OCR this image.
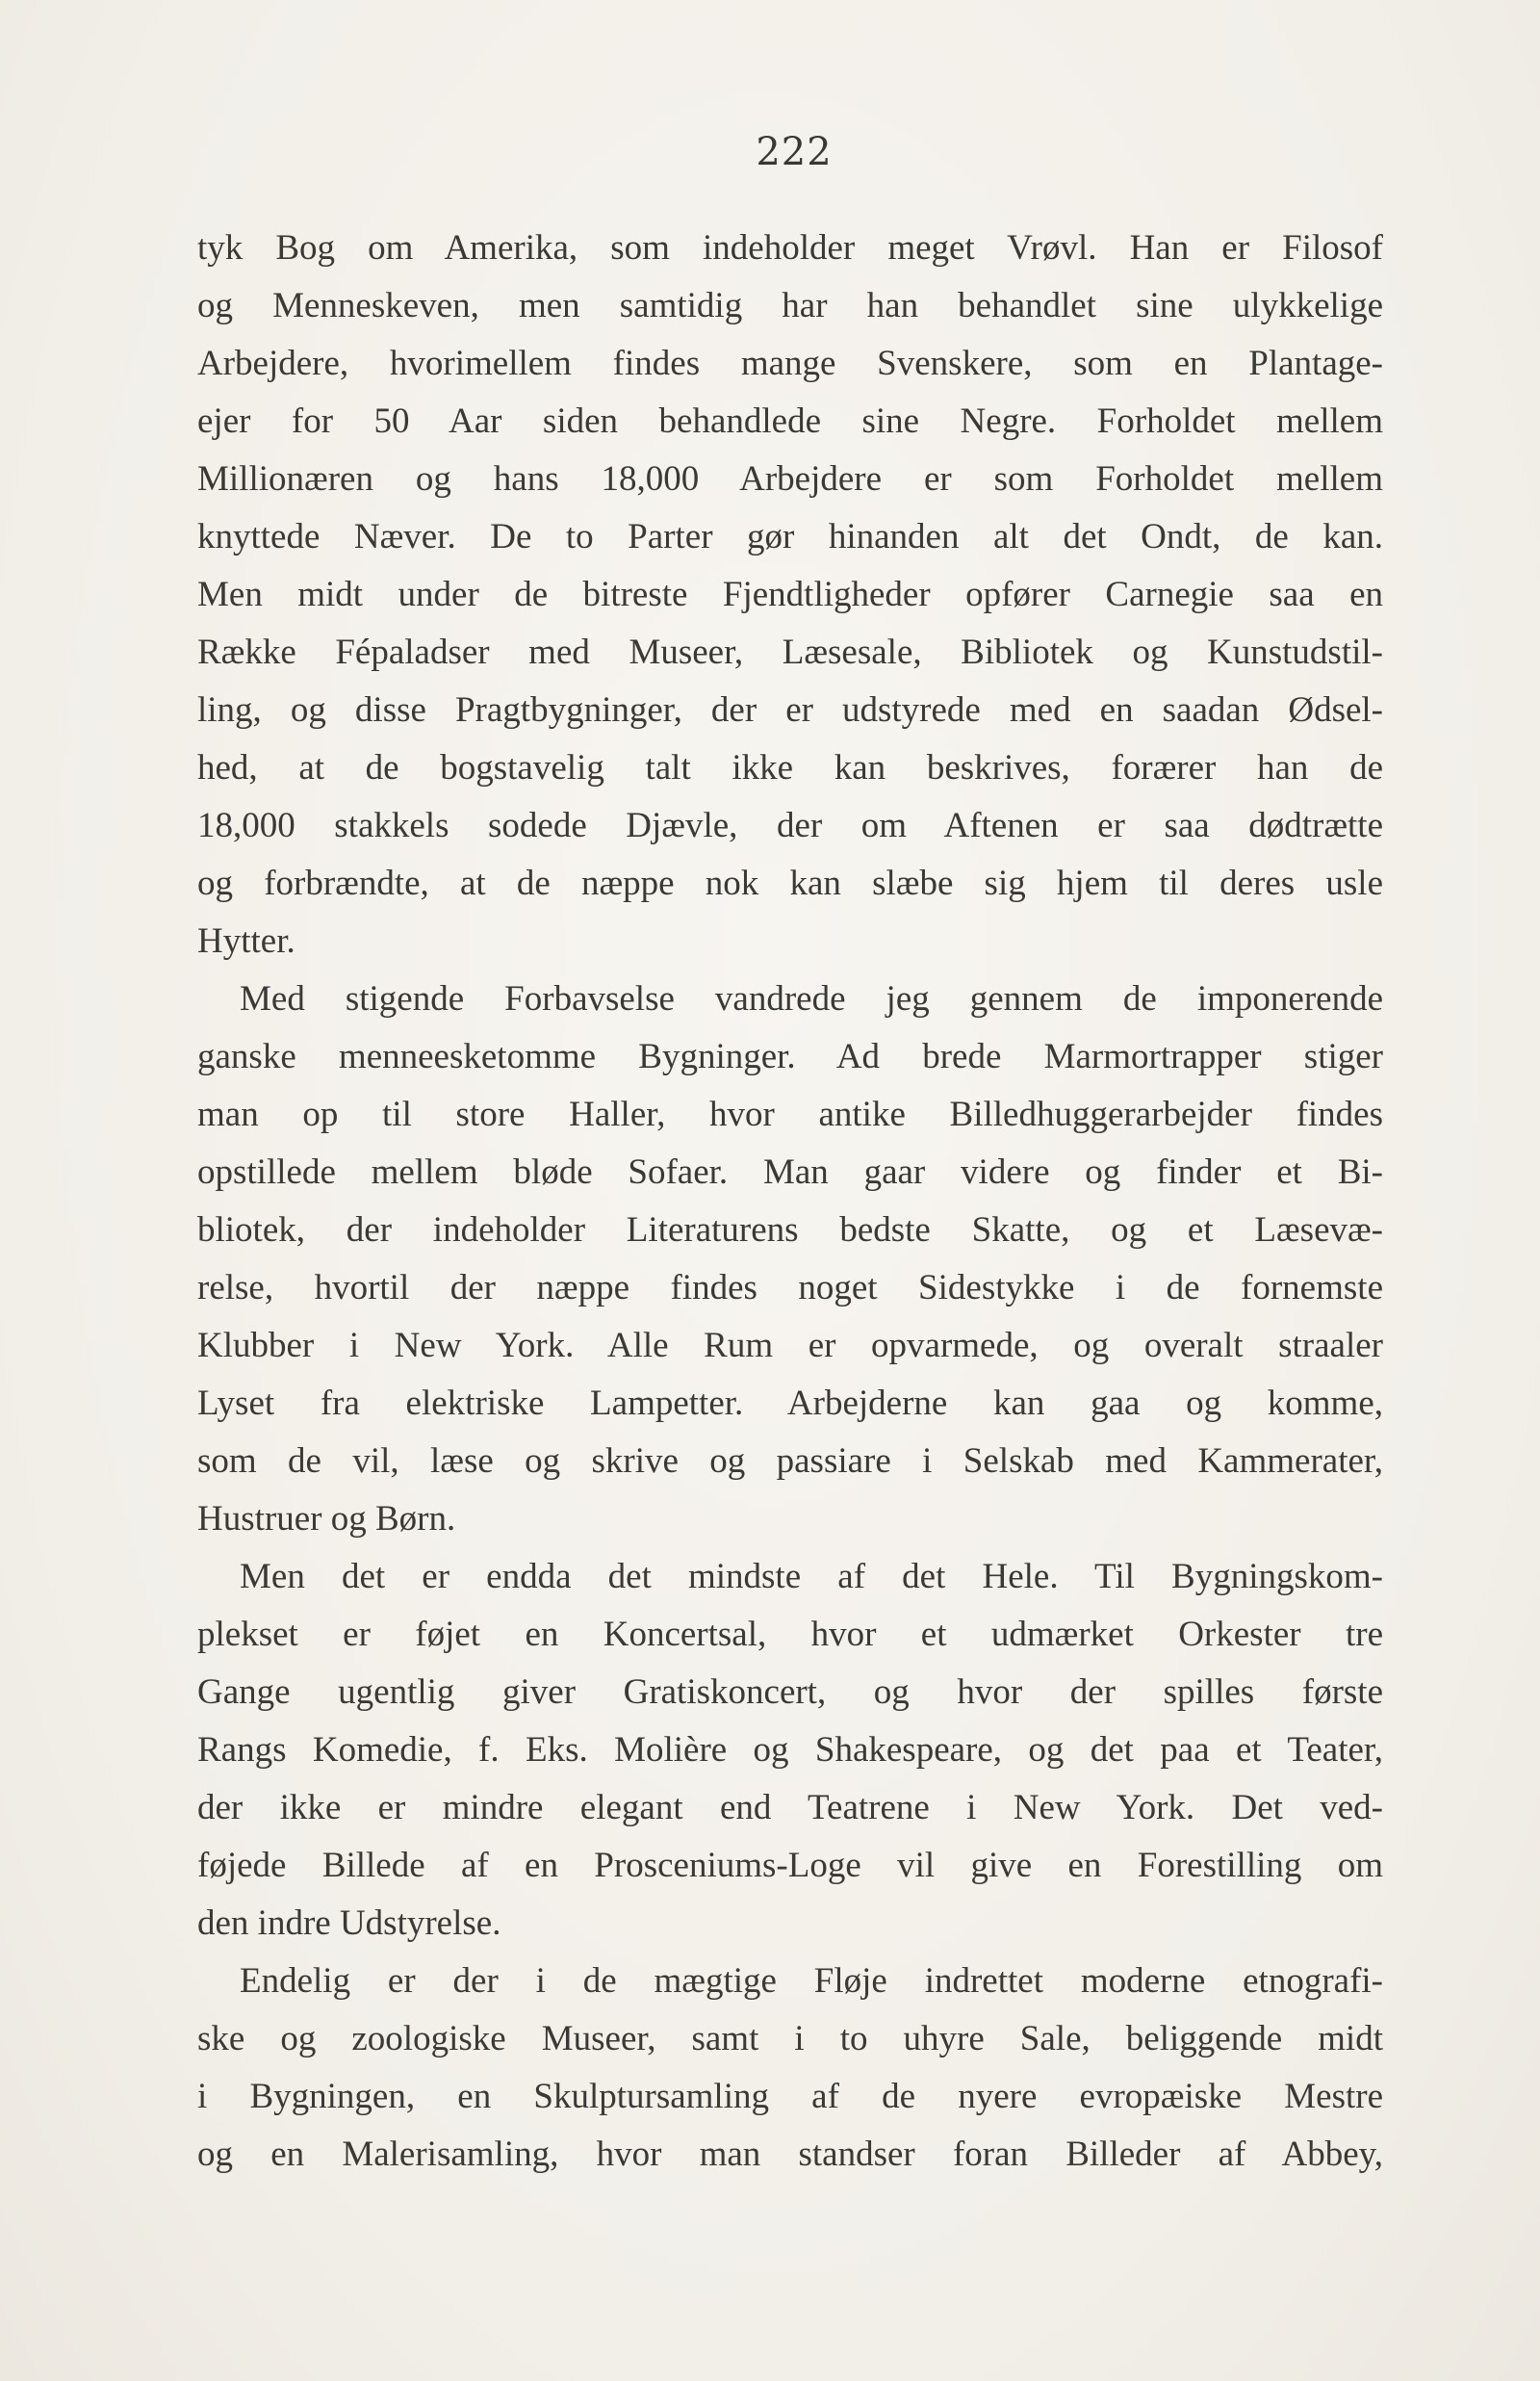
222
tyk Bog om Amerika, som indeholder meget Vrøvl. Han er Filosof
og Menneskeven, men samtidig har han behandlet sine ulykkelige
Arbejdere, hvorimellem findes mange Svenskere, som en Plantage-
ejer for 50 Aar siden behandlede sine Negre. Forholdet mellem
Millionæren og hans 18,000 Arbejdere er som Forholdet mellem
knyttede Næver. De to Parter gør hinanden alt det Ondt, de kan.
Men midt under de bitreste Fjendtligheder opfører Carnegie saa en
Række Fépaladser med Museer, Læsesale, Bibliotek og Kunstudstil-
ling, og disse Pragtbygninger, der er udstyrede med en saadan Ødsel-
hed, at de bogstavelig talt ikke kan beskrives, forærer han de
18,000 stakkels sodede Djævle, der om Aftenen er saa dødtrætte
og forbrændte, at de næppe nok kan slæbe sig hjem til deres usle
Hytter.
Med stigende Forbavselse vandrede jeg gennem de imponerende
ganske menneesketomme Bygninger. Ad brede Marmortrapper stiger
man op til store Haller, hvor antike Billedhuggerarbejder findes
opstillede mellem bløde Sofaer. Man gaar videre og finder et Bi-
bliotek, der indeholder Literaturens bedste Skatte, og et Læsevæ-
relse, hvortil der næppe findes noget Sidestykke i de fornemste
Klubber i New York. Alle Rum er opvarmede, og overalt straaler
Lyset fra elektriske Lampetter. Arbejderne kan gaa og komme,
som de vil, læse og skrive og passiare i Selskab med Kammerater,
Hustruer og Børn.
Men det er endda det mindste af det Hele. Til Bygningskom-
plekset er føjet en Koncertsal, hvor et udmærket Orkester tre
Gange ugentlig giver Gratiskoncert, og hvor der spilles første
Rangs Komedie, f. Eks. Molière og Shakespeare, og det paa et Teater,
der ikke er mindre elegant end Teatrene i New York. Det ved-
føjede Billede af en Prosceniums-Loge vil give en Forestilling om
den indre Udstyrelse.
Endelig er der i de mægtige Fløje indrettet moderne etnografi-
ske og zoologiske Museer, samt i to uhyre Sale, beliggende midt
i Bygningen, en Skulptursamling af de nyere evropæiske Mestre
og en Malerisamling, hvor man standser foran Billeder af Abbey,
